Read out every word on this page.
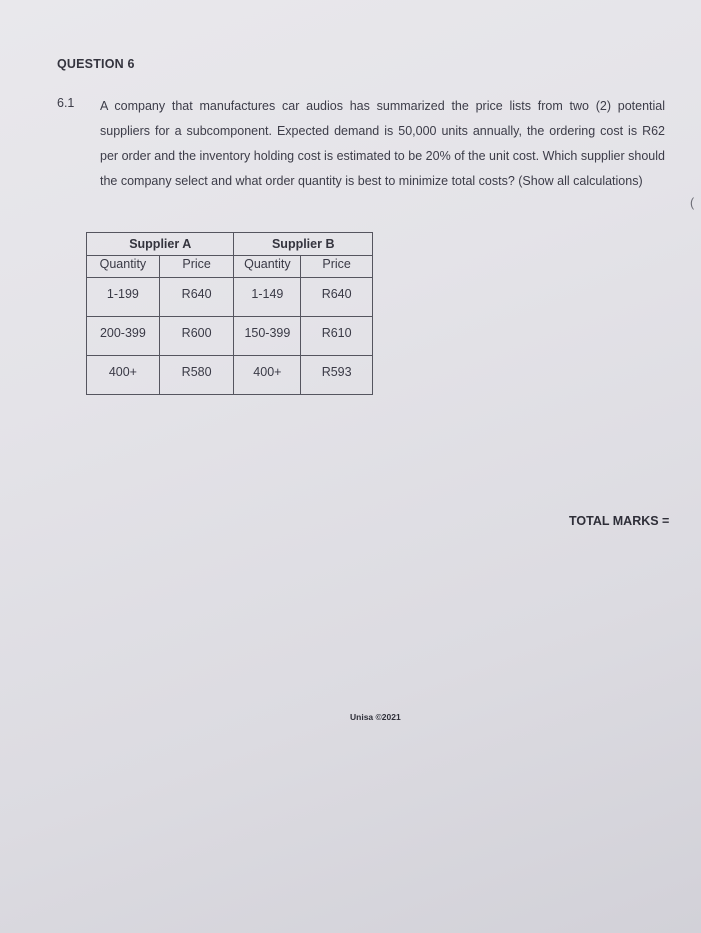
QUESTION 6
6.1 A company that manufactures car audios has summarized the price lists from two (2) potential suppliers for a subcomponent. Expected demand is 50,000 units annually, the ordering cost is R62 per order and the inventory holding cost is estimated to be 20% of the unit cost. Which supplier should the company select and what order quantity is best to minimize total costs? (Show all calculations)
(
Supplier A		Supplier B	
Quantity	Price	Quantity	Price

1-199	R640	1-149	R640

200-399	R600	150-399	R610

400+	R580	400+	R593
TOTAL MARKS =
Unisa ©2021
